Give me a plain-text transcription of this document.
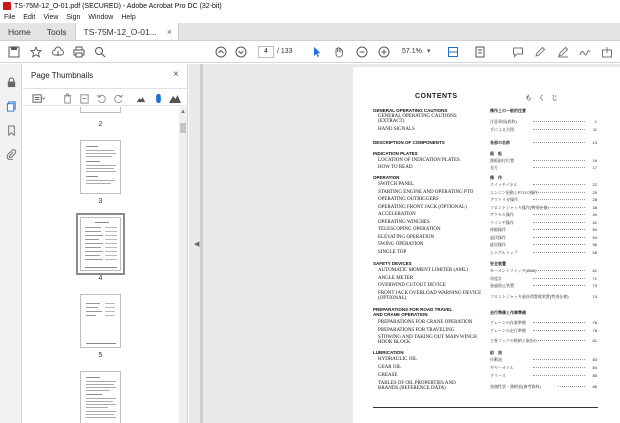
TS-75M-12_O-01.pdf (SECURED) - Adobe Acrobat Pro DC (32-bit)
File Edit View Sign Window Help
Home	Tools	TS-75M-12_O-01... ×
4	/ 133	57.1% ▾
Page Thumbnails	×
2
3
4
5
▲
◀
CONTENTS	もくじ
GENERAL OPERATING CAUTIONS	操作上の一般的注意
GENERAL OPERATING CAUTIONS
(EXTRACT)	注意事項(抜粋)	1
HAND SIGNALS	手による合図	11
DESCRIPTION OF COMPONENTS	各部の名称	13
INDICATION PLATES	銘　板
LOCATION OF INDICATION PLATES	銘板取付位置	16
HOW TO READ	見方	17
OPERATION	操　作
SWITCH PANEL	スイッチパネル	22
STARTING ENGINE AND OPERATING PTO	エンジン始動とPTOの操作	25
OPERATING OUTRIGGERS	アウトリガ操作	28
OPERATING FRONT JACK (OPTIONAL)	フロントジャッキ操作(特別仕様)	38
ACCELERATION	アクセル操作	40
OPERATING WINCHES	ウインチ操作	41
TELESCOPING OPERATION	伸縮操作	50
ELEVATING OPERATION	起伏操作	54
SWING OPERATION	旋回操作	56
SINGLE TOP	シングルトップ	58
SAFETY DEVICES	安全装置
AUTOMATIC MOMENT LIMITER (AML)	モーメントリミッタ(AML)	61
ANGLE METER	角度計	71
OVERWIND CUTOUT DEVICE	巻過防止装置	73
FRONT JACK OVERLOAD WARNING DEVICE
(OPTIONAL)	フロントジャッキ過負荷警報装置(特別仕様)	74
PREPARATIONS FOR ROAD TRAVEL
AND CRANE OPERATION	走行準備と作業準備
PREPARATIONS FOR CRANE OPERATION	クレーンの作業準備	76
PREPARATIONS FOR TRAVELING	クレーンの走行準備	78
STOWING AND TAKING OUT MAIN WINCH
HOOK BLOCK	主巻フックの格納と取出し	81
LUBRICATION	給　油
HYDRAULIC OIL	作動油	83
GEAR OIL	ギヤーオイル	84
GREASE	グリース	85
TABLES OF OIL PROPERTIES AND
BRANDS (REFERENCE DATA)	油脂性状・銘柄表(参考資料)	86
